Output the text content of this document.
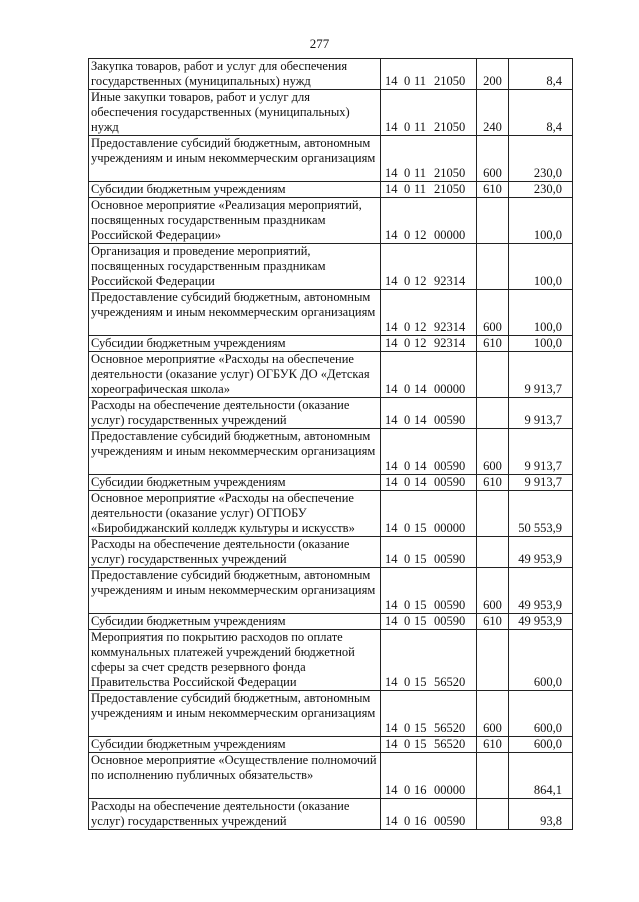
277
Закупка товаров, работ и услуг для обеспечения государственных (муниципальных) нужд	14 0 11 21050	200	8,4
Иные закупки товаров, работ и услуг для обеспечения государственных (муниципальных) нужд	14 0 11 21050	240	8,4
Предоставление субсидий бюджетным, автономным учреждениям и иным некоммерческим организациям	14 0 11 21050	600	230,0
Субсидии бюджетным учреждениям	14 0 11 21050	610	230,0
Основное мероприятие «Реализация мероприятий, посвященных государственным праздникам Российской Федерации»	14 0 12 00000		100,0
Организация и проведение мероприятий, посвященных государственным праздникам Российской Федерации	14 0 12 92314		100,0
Предоставление субсидий бюджетным, автономным учреждениям и иным некоммерческим организациям	14 0 12 92314	600	100,0
Субсидии бюджетным учреждениям	14 0 12 92314	610	100,0
Основное мероприятие «Расходы на обеспечение деятельности (оказание услуг) ОГБУК ДО «Детская хореографическая школа»	14 0 14 00000		9 913,7
Расходы на обеспечение деятельности (оказание услуг) государственных учреждений	14 0 14 00590		9 913,7
Предоставление субсидий бюджетным, автономным учреждениям и иным некоммерческим организациям	14 0 14 00590	600	9 913,7
Субсидии бюджетным учреждениям	14 0 14 00590	610	9 913,7
Основное мероприятие «Расходы на обеспечение деятельности (оказание услуг) ОГПОБУ «Биробиджанский колледж культуры и искусств»	14 0 15 00000		50 553,9
Расходы на обеспечение деятельности (оказание услуг) государственных учреждений	14 0 15 00590		49 953,9
Предоставление субсидий бюджетным, автономным учреждениям и иным некоммерческим организациям	14 0 15 00590	600	49 953,9
Субсидии бюджетным учреждениям	14 0 15 00590	610	49 953,9
Мероприятия по покрытию расходов по оплате коммунальных платежей учреждений бюджетной сферы за счет средств резервного фонда Правительства Российской Федерации	14 0 15 56520		600,0
Предоставление субсидий бюджетным, автономным учреждениям и иным некоммерческим организациям	14 0 15 56520	600	600,0
Субсидии бюджетным учреждениям	14 0 15 56520	610	600,0
Основное мероприятие «Осуществление полномочий по исполнению публичных обязательств»	14 0 16 00000		864,1
Расходы на обеспечение деятельности (оказание услуг) государственных учреждений	14 0 16 00590		93,8
